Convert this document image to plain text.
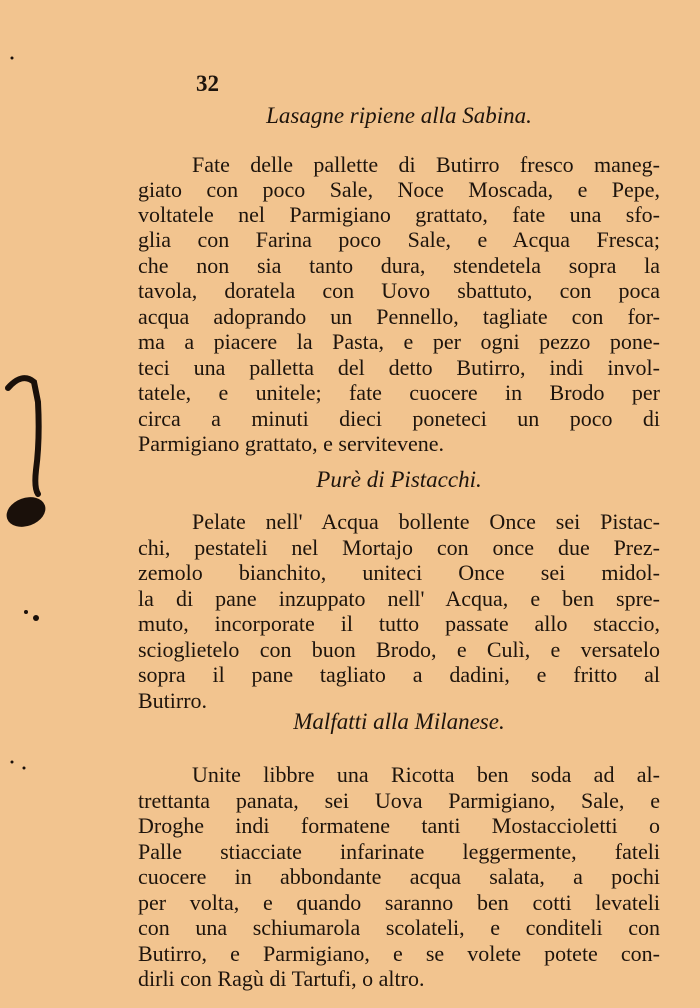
32
Lasagne ripiene alla Sabina.
Fate delle pallette di Butirro fresco maneg-
giato con poco Sale, Noce Moscada, e Pepe,
voltatele nel Parmigiano grattato, fate una sfo-
glia con Farina poco Sale, e Acqua Fresca;
che non sia tanto dura, stendetela sopra la
tavola, doratela con Uovo sbattuto, con poca
acqua adoprando un Pennello, tagliate con for-
ma a piacere la Pasta, e per ogni pezzo pone-
teci una palletta del detto Butirro, indi invol-
tatele, e unitele; fate cuocere in Brodo per
circa a minuti dieci poneteci un poco di
Parmigiano grattato, e servitevene.
Purè di Pistacchi.
Pelate nell' Acqua bollente Once sei Pistac-
chi, pestateli nel Mortajo con once due Prez-
zemolo bianchito, uniteci Once sei midol-
la di pane inzuppato nell' Acqua, e ben spre-
muto, incorporate il tutto passate allo staccio,
scioglietelo con buon Brodo, e Culì, e versatelo
sopra il pane tagliato a dadini, e fritto al
Butirro.
Malfatti alla Milanese.
Unite libbre una Ricotta ben soda ad al-
trettanta panata, sei Uova Parmigiano, Sale, e
Droghe indi formatene tanti Mostaccioletti o
Palle stiacciate infarinate leggermente, fateli
cuocere in abbondante acqua salata, a pochi
per volta, e quando saranno ben cotti levateli
con una schiumarola scolateli, e conditeli con
Butirro, e Parmigiano, e se volete potete con-
dirli con Ragù di Tartufi, o altro.
